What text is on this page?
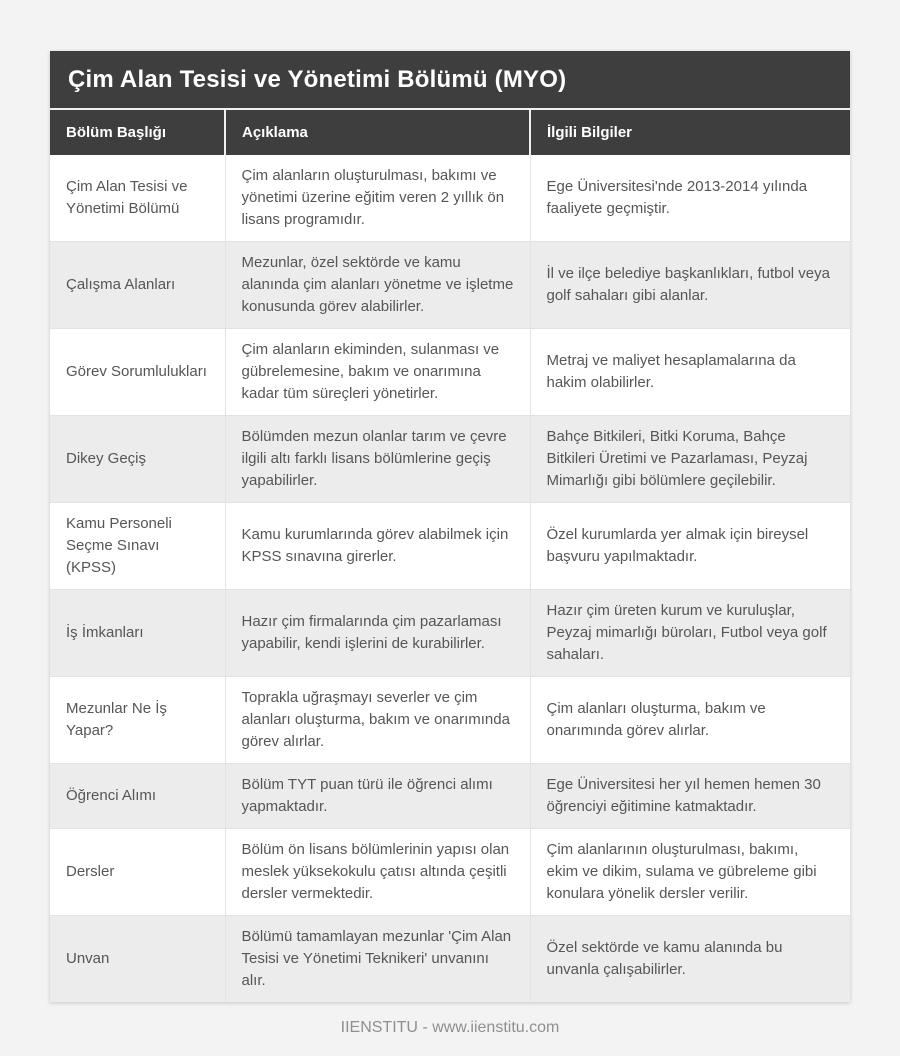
Çim Alan Tesisi ve Yönetimi Bölümü (MYO)
Bölüm Başlığı	Açıklama	İlgili Bilgiler
Çim Alan Tesisi ve Yönetimi Bölümü	Çim alanların oluşturulması, bakımı ve yönetimi üzerine eğitim veren 2 yıllık ön lisans programıdır.	Ege Üniversitesi'nde 2013-2014 yılında faaliyete geçmiştir.
Çalışma Alanları	Mezunlar, özel sektörde ve kamu alanında çim alanları yönetme ve işletme konusunda görev alabilirler.	İl ve ilçe belediye başkanlıkları, futbol veya golf sahaları gibi alanlar.
Görev Sorumlulukları	Çim alanların ekiminden, sulanması ve gübrelemesine, bakım ve onarımına kadar tüm süreçleri yönetirler.	Metraj ve maliyet hesaplamalarına da hakim olabilirler.
Dikey Geçiş	Bölümden mezun olanlar tarım ve çevre ilgili altı farklı lisans bölümlerine geçiş yapabilirler.	Bahçe Bitkileri, Bitki Koruma, Bahçe Bitkileri Üretimi ve Pazarlaması, Peyzaj Mimarlığı gibi bölümlere geçilebilir.
Kamu Personeli Seçme Sınavı (KPSS)	Kamu kurumlarında görev alabilmek için KPSS sınavına girerler.	Özel kurumlarda yer almak için bireysel başvuru yapılmaktadır.
İş İmkanları	Hazır çim firmalarında çim pazarlaması yapabilir, kendi işlerini de kurabilirler.	Hazır çim üreten kurum ve kuruluşlar, Peyzaj mimarlığı büroları, Futbol veya golf sahaları.
Mezunlar Ne İş Yapar?	Toprakla uğraşmayı severler ve çim alanları oluşturma, bakım ve onarımında görev alırlar.	Çim alanları oluşturma, bakım ve onarımında görev alırlar.
Öğrenci Alımı	Bölüm TYT puan türü ile öğrenci alımı yapmaktadır.	Ege Üniversitesi her yıl hemen hemen 30 öğrenciyi eğitimine katmaktadır.
Dersler	Bölüm ön lisans bölümlerinin yapısı olan meslek yüksekokulu çatısı altında çeşitli dersler vermektedir.	Çim alanlarının oluşturulması, bakımı, ekim ve dikim, sulama ve gübreleme gibi konulara yönelik dersler verilir.
Unvan	Bölümü tamamlayan mezunlar 'Çim Alan Tesisi ve Yönetimi Teknikeri' unvanını alır.	Özel sektörde ve kamu alanında bu unvanla çalışabilirler.
IIENSTITU - www.iienstitu.com
